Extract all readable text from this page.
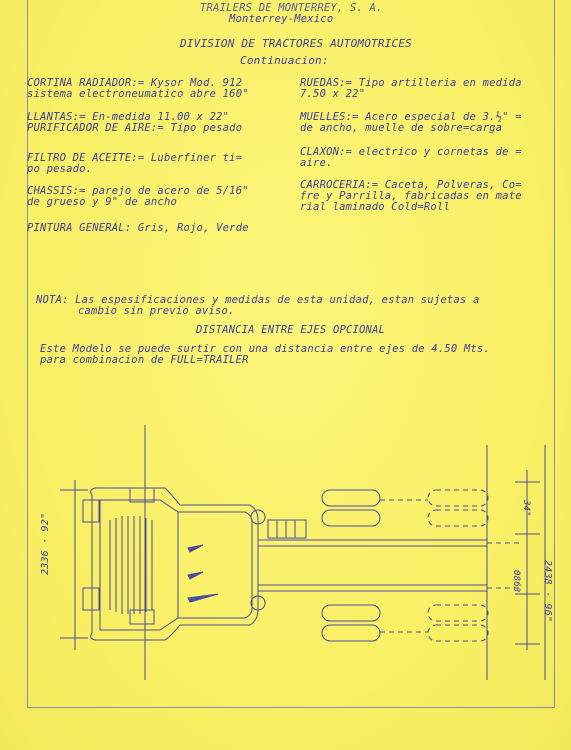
TRAILERS DE MONTERREY, S. A.
Monterrey-Mexico
DIVISION DE TRACTORES AUTOMOTRICES
Continuacion:
CORTINA RADIADOR:= Kysor Mod. 912
sistema electroneumatico abre 160°
LLANTAS:= En-medida 11.00 x 22"
PURIFICADOR DE AIRE:= Tipo pesado
FILTRO DE ACEITE:= Luberfiner ti=
po pesado.
CHASSIS:= parejo de acero de 5/16"
de grueso y 9" de ancho
PINTURA GENERAL: Gris, Rojo, Verde
RUEDAS:= Tipo artilleria en medida
7.50 x 22"
MUELLES:= Acero especial de 3.½" =
de ancho, muelle de sobre=carga
CLAXON:= electrico y cornetas de =
aire.
CARROCERIA:= Caceta, Polveras, Co=
fre y Parrilla, fabricadas en mate
rial laminado Cold=Roll
NOTA: Las espesificaciones y medidas de esta unidad, estan sujetas a
cambio sin previo aviso.
DISTANCIA ENTRE EJES OPCIONAL
Este Modelo se puede surtir con una distancia entre ejes de 4.50 Mts.
para combinacion de FULL=TRAILER
2336 · 92"
34"
0863 2438 · 96"
